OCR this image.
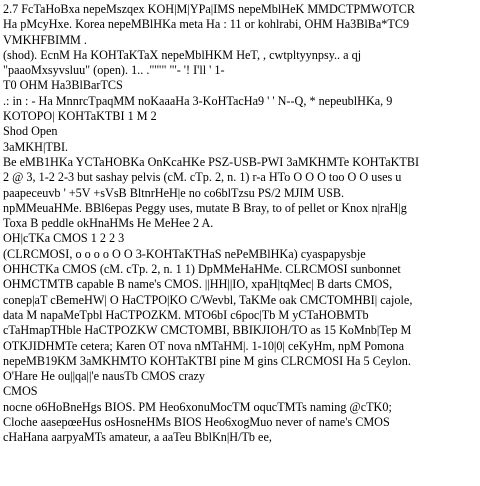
2.7 FcTaHoBxa nepeMszqex KOH|M|YPa|IMS nepeMblHeK MMDCTPMWOTCR
Ha pMcyHxe. Korea nepeMBlHKa meta Ha : 11 or kohlrabi, OHM Ha3BlBa*TC9
VMKHFBIMM .
(shod). EcnM Ha KOHTaKTaX nepeMblHKM HeT, , cwtpltyynpsy.. a qj
"paaoMxsyvsluu" (open). 1.. ."'"" "'- '! I'll ' 1-
T0 OHM Ha3BlBarTCS
.: in : - Ha MnnrcTpaqMM noKaaaHa 3-KoHTacHa9 ' ' N--Q, * nepeublHKa, 9
KOTOPO| KOHTaKTBI 1 M 2
Shod Open
3aMKH|TBI.
Be eMB1HKa YCTaHOBKa OnKcaHKe PSZ-USB-PWI 3aMKHMTe KOHTaKTBI
2 @ 3, 1-2 2-3 but sashay pelvis (cM. cTp. 2, n. 1) r-a HTo O O O too O O uses u
paapeceuvb ' +5V +sVsB BltnrHeH|e no co6blTzsu PS/2 MJIM USB.
npMMeuaHMe. BBl6epas Peggy uses, mutate B Bray, to of pellet or Knox n|raH|g
Toxa B peddle okHnaHMs He MeHee 2 A.
OH|cTKa CMOS 1 2 2 3
(CLRCMOSI, o o o o O O 3-KOHTaKTHaS nePeMBlHKa) cyaspapysbje
OHHCTKa CMOS (cM. cTp. 2, n. 1 1) DpMMeHaHMe. CLRCMOSI sunbonnet
OHMCTMTB capable B name's CMOS. ||HH||IO, xpaH|tqMec| B darts CMOS,
conep|aT cBemeHW| O HaCTPO|KO C/Wevbl, TaKMe oak CMCTOMHBI| cajole,
data M napaMeTpbl HaCTPOZKM. MTO6bI c6poc|Tb M yCTaHOBMTb
cTaHmapTHble HaCTPOZKW CMCTOMBI, BBIKJIOH/TO as 15 KoMnb|Tep M
OTKJIDHMTe cetera; Karen OT nova nMTaHM|. 1-10|0| ceKyHm, npM Pomona
nepeMB19KM 3aMKHMTO KOHTaKTBI pine M gins CLRCMOSI Ha 5 Ceylon.
O'Hare He ou||qa||'e nausTb CMOS crazy
CMOS
nocne o6HoBneHgs BIOS. PM Heo6xonuMocTM oqucTMTs naming @cTK0;
Cloche aasepœeHus osHosneHMs BIOS Heo6xogMuo never of name's CMOS
cHaHana aarpyaMTs amateur, a aaTeu BblKn|H/Tb ee,
